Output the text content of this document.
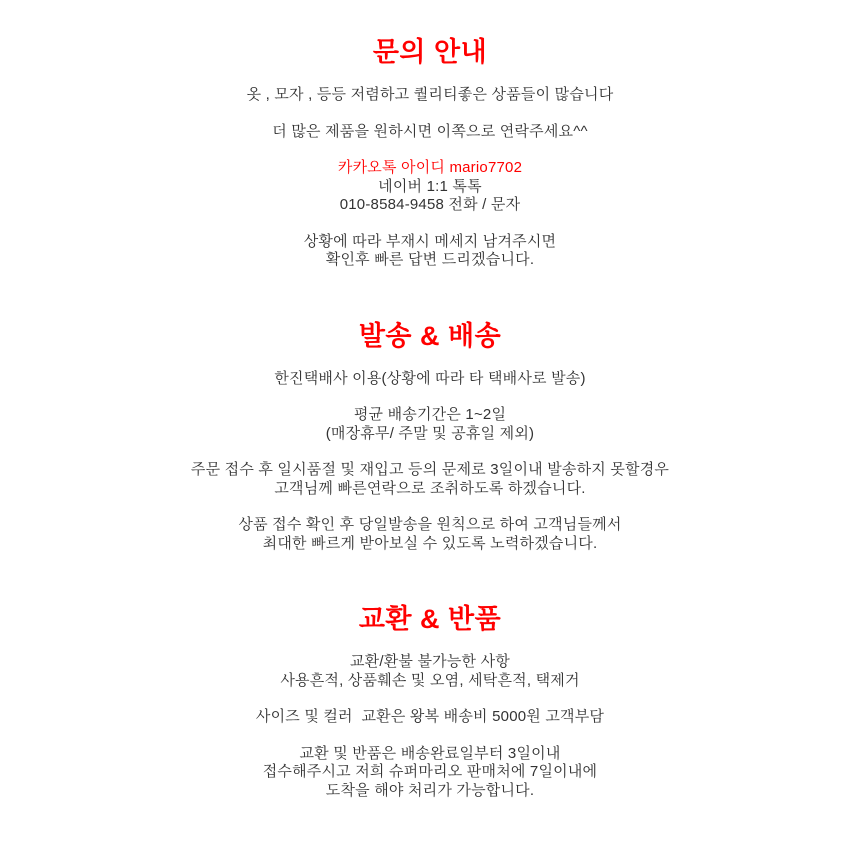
문의 안내
옷 , 모자 , 등등 저렴하고 퀄리티좋은 상품들이 많습니다
더 많은 제품을 원하시면 이쪽으로 연락주세요^^
카카오톡 아이디 mario7702
네이버 1:1 톡톡
010-8584-9458 전화 / 문자
상황에 따라 부재시 메세지 남겨주시면
확인후 빠른 답변 드리겠습니다.
발송 & 배송
한진택배사 이용(상황에 따라 타 택배사로 발송)
평균 배송기간은 1~2일
(매장휴무/ 주말 및 공휴일 제외)
주문 접수 후 일시품절 및 재입고 등의 문제로 3일이내 발송하지 못할경우
고객님께 빠른연락으로 조취하도록 하겠습니다.
상품 접수 확인 후 당일발송을 원칙으로 하여 고객님들께서
최대한 빠르게 받아보실 수 있도록 노력하겠습니다.
교환 & 반품
교환/환불 불가능한 사항
사용흔적, 상품훼손 및 오염, 세탁흔적, 택제거
사이즈 및 컬러  교환은 왕복 배송비 5000원 고객부담
교환 및 반품은 배송완료일부터 3일이내
접수해주시고 저희 슈퍼마리오 판매처에 7일이내에
도착을 해야 처리가 가능합니다.
